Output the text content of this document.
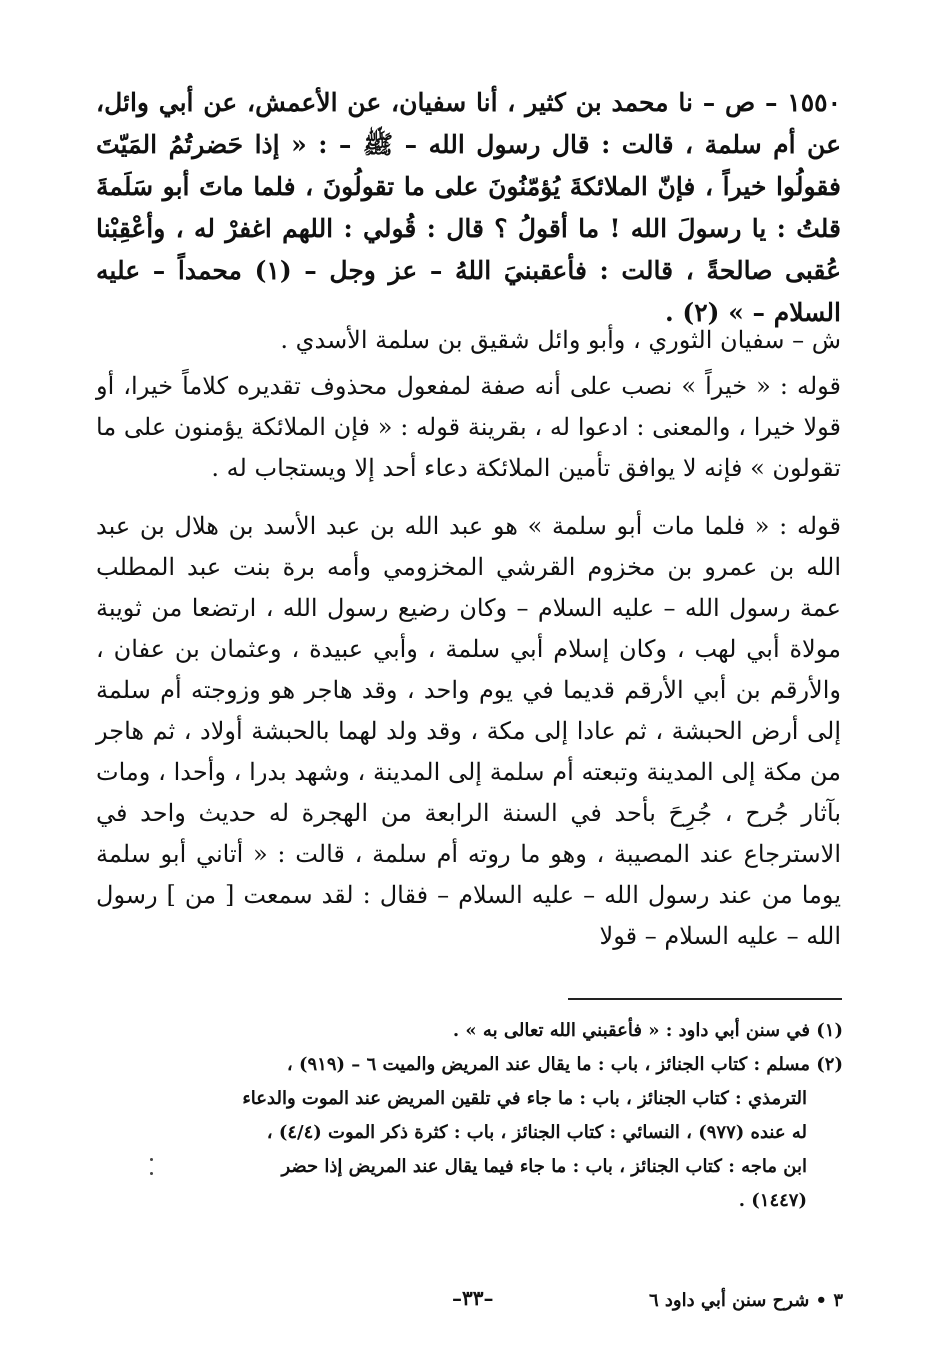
١٥٥٠ – ص – نا محمد بن كثير ، أنا سفيان، عن الأعمش، عن أبي وائل، عن أم سلمة ، قالت : قال رسول الله – ﷺ – : « إذا حَضرتُمُ المَيّتَ فقولُوا خيراً ، فإنّ الملائكةَ يُؤمّنُونَ على ما تقولُونَ ، فلما ماتَ أبو سَلَمةَ قلتُ : يا رسولَ الله ! ما أقولُ ؟ قال : قُولي : اللهم اغفرْ له ، وأعْقِبْنا عُقبى صالحةً ، قالت : فأعقبنيَ اللهُ – عز وجل – (١) محمداً – عليه السلام – » (٢) .
ش – سفيان الثوري ، وأبو وائل شقيق بن سلمة الأسدي .
قوله : « خيراً » نصب على أنه صفة لمفعول محذوف تقديره كلاماً خيرا، أو قولا خيرا ، والمعنى : ادعوا له ، بقرينة قوله : « فإن الملائكة يؤمنون على ما تقولون » فإنه لا يوافق تأمين الملائكة دعاء أحد إلا ويستجاب له .
قوله : « فلما مات أبو سلمة » هو عبد الله بن عبد الأسد بن هلال بن عبد الله بن عمرو بن مخزوم القرشي المخزومي وأمه برة بنت عبد المطلب عمة رسول الله – عليه السلام – وكان رضيع رسول الله ، ارتضعا من ثويبة مولاة أبي لهب ، وكان إسلام أبي سلمة ، وأبي عبيدة ، وعثمان بن عفان ، والأرقم بن أبي الأرقم قديما في يوم واحد ، وقد هاجر هو وزوجته أم سلمة إلى أرض الحبشة ، ثم عادا إلى مكة ، وقد ولد لهما بالحبشة أولاد ، ثم هاجر من مكة إلى المدينة وتبعته أم سلمة إلى المدينة ، وشهد بدرا ، وأحدا ، ومات بآثار جُرح ، جُرِحَ بأحد في السنة الرابعة من الهجرة له حديث واحد في الاسترجاع عند المصيبة ، وهو ما روته أم سلمة ، قالت : « أتاني أبو سلمة يوما من عند رسول الله – عليه السلام – فقال : لقد سمعت [ من ] رسول الله – عليه السلام – قولا

(١) في سنن أبي داود : « فأعقبني الله تعالى به » .

(٢) مسلم : كتاب الجنائز ، باب : ما يقال عند المريض والميت ٦ – (٩١٩) ،

الترمذي : كتاب الجنائز ، باب : ما جاء في تلقين المريض عند الموت والدعاء

له عنده (٩٧٧) ، النسائي : كتاب الجنائز ، باب : كثرة ذكر الموت (٤/٤) ،

ابن ماجه : كتاب الجنائز ، باب : ما جاء فيما يقال عند المريض إذا حضر

(١٤٤٧) .

٣ • شرح سنن أبي داود ٦
–٣٣–
